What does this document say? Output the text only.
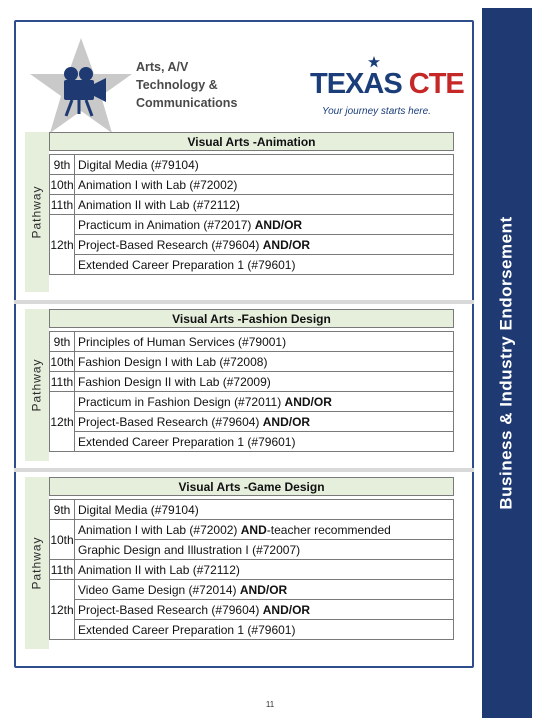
Business & Industry Endorsement
Arts, A/V
Technology &
Communications
TEXAS CTE
Your journey starts here.
Pathway
Visual Arts -Animation
9th	Digital Media (#79104)
10th	Animation I with Lab (#72002)
11th	Animation II with Lab (#72112)
12th	Practicum in Animation (#72017) AND/OR
	Project-Based Research (#79604) AND/OR
	Extended Career Preparation 1 (#79601)
Pathway
Visual Arts -Fashion Design
9th	Principles of Human Services (#79001)
10th	Fashion Design I with Lab (#72008)
11th	Fashion Design II with Lab (#72009)
12th	Practicum in Fashion Design (#72011) AND/OR
	Project-Based Research (#79604) AND/OR
	Extended Career Preparation 1 (#79601)
Pathway
Visual Arts -Game Design
9th	Digital Media (#79104)
10th	Animation I with Lab (#72002) AND-teacher recommended
	Graphic Design and Illustration I (#72007)
11th	Animation II with Lab (#72112)
12th	Video Game Design (#72014) AND/OR
	Project-Based Research (#79604) AND/OR
	Extended Career Preparation 1 (#79601)
11
